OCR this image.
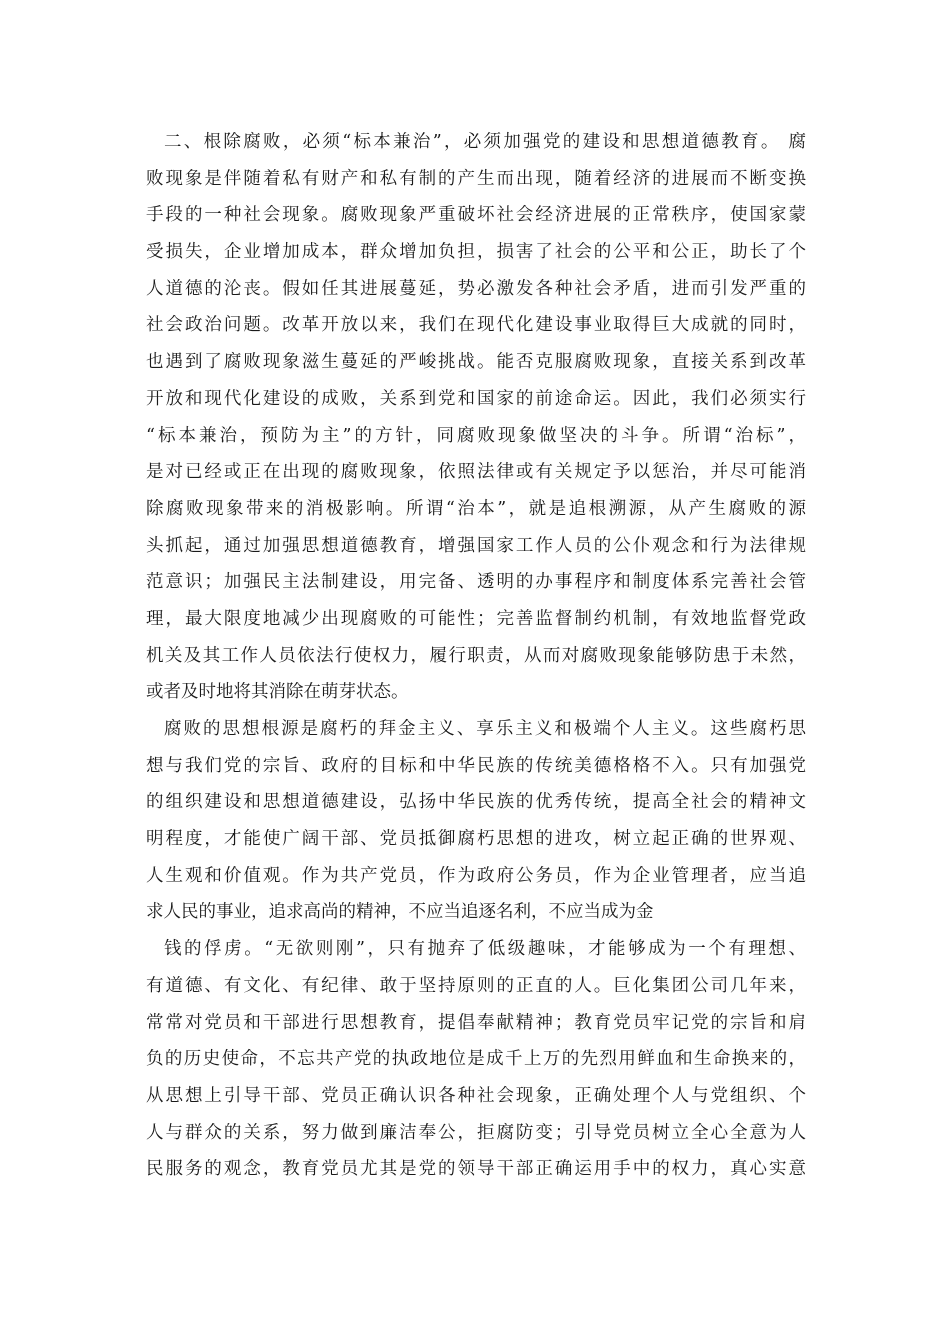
二、根除腐败，必须“标本兼治”，必须加强党的建设和思想道德教育。 腐
败现象是伴随着私有财产和私有制的产生而出现，随着经济的进展而不断变换
手段的一种社会现象。腐败现象严重破坏社会经济进展的正常秩序，使国家蒙
受损失，企业增加成本，群众增加负担，损害了社会的公平和公正，助长了个
人道德的沦丧。假如任其进展蔓延，势必激发各种社会矛盾，进而引发严重的
社会政治问题。改革开放以来，我们在现代化建设事业取得巨大成就的同时，
也遇到了腐败现象滋生蔓延的严峻挑战。能否克服腐败现象，直接关系到改革
开放和现代化建设的成败，关系到党和国家的前途命运。因此，我们必须实行
“标本兼治，预防为主”的方针，同腐败现象做坚决的斗争。所谓“治标”，
是对已经或正在出现的腐败现象，依照法律或有关规定予以惩治，并尽可能消
除腐败现象带来的消极影响。所谓“治本”，就是追根溯源，从产生腐败的源
头抓起，通过加强思想道德教育，增强国家工作人员的公仆观念和行为法律规
范意识；加强民主法制建设，用完备、透明的办事程序和制度体系完善社会管
理，最大限度地减少出现腐败的可能性；完善监督制约机制，有效地监督党政
机关及其工作人员依法行使权力，履行职责，从而对腐败现象能够防患于未然，
或者及时地将其消除在萌芽状态。
腐败的思想根源是腐朽的拜金主义、享乐主义和极端个人主义。这些腐朽思
想与我们党的宗旨、政府的目标和中华民族的传统美德格格不入。只有加强党
的组织建设和思想道德建设，弘扬中华民族的优秀传统，提高全社会的精神文
明程度，才能使广阔干部、党员抵御腐朽思想的进攻，树立起正确的世界观、
人生观和价值观。作为共产党员，作为政府公务员，作为企业管理者，应当追
求人民的事业，追求高尚的精神，不应当追逐名利，不应当成为金
钱的俘虏。“无欲则刚”，只有抛弃了低级趣味，才能够成为一个有理想、
有道德、有文化、有纪律、敢于坚持原则的正直的人。巨化集团公司几年来，
常常对党员和干部进行思想教育，提倡奉献精神；教育党员牢记党的宗旨和肩
负的历史使命，不忘共产党的执政地位是成千上万的先烈用鲜血和生命换来的，
从思想上引导干部、党员正确认识各种社会现象，正确处理个人与党组织、个
人与群众的关系，努力做到廉洁奉公，拒腐防变；引导党员树立全心全意为人
民服务的观念，教育党员尤其是党的领导干部正确运用手中的权力，真心实意
